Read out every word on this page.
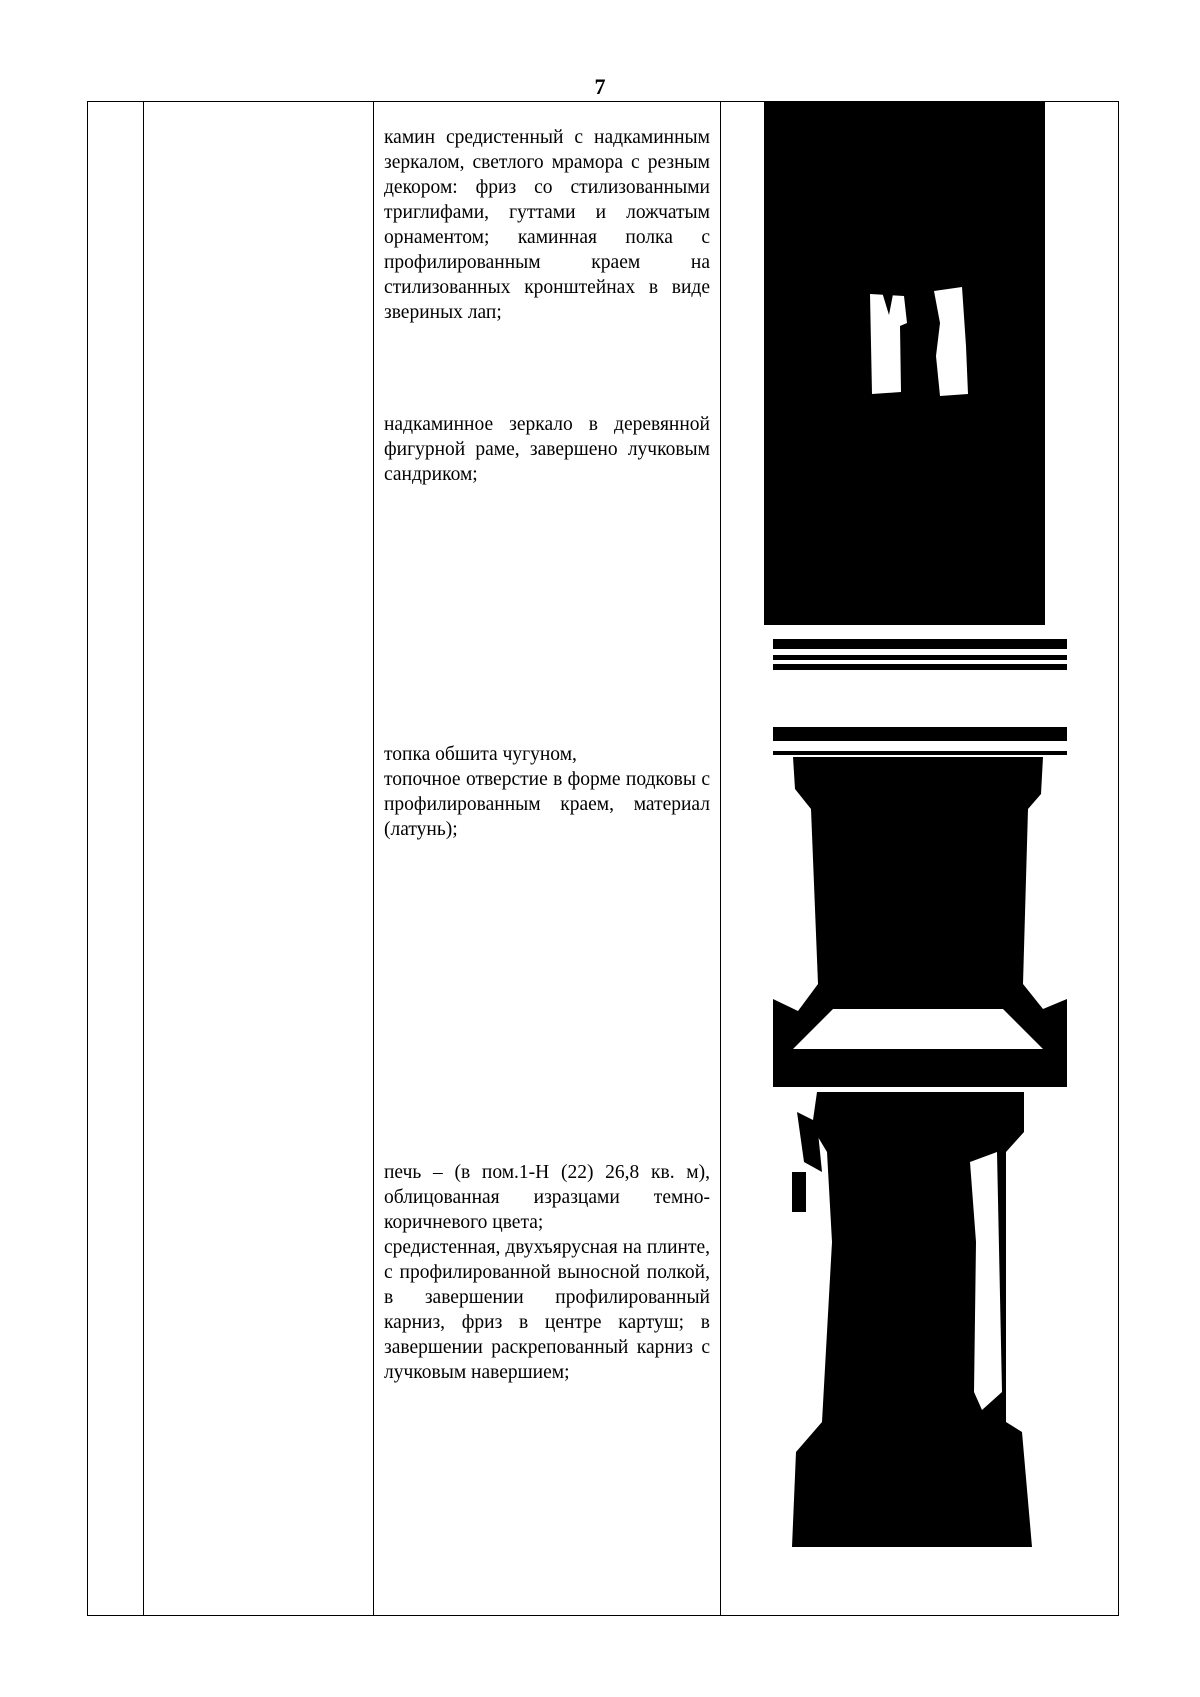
7

камин средистенный с надкаминным зеркалом, светлого мрамора с резным декором: фриз со стилизованными триглифами, гуттами и ложчатым орнаментом; каминная полка с профилированным краем на стилизованных кронштейнах в виде звериных лап;

надкаминное зеркало в деревянной фигурной раме, завершено лучковым сандриком;

топка обшита чугуном,

топочное отверстие в форме подковы с профилированным краем, материал (латунь);

печь – (в пом.1-Н (22) 26,8 кв. м), облицованная изразцами темно-коричневого цвета;

средистенная, двухъярусная на плинте, с профилированной выносной полкой, в завершении профилированный карниз, фриз в центре картуш; в завершении раскрепованный карниз с лучковым навершием;
